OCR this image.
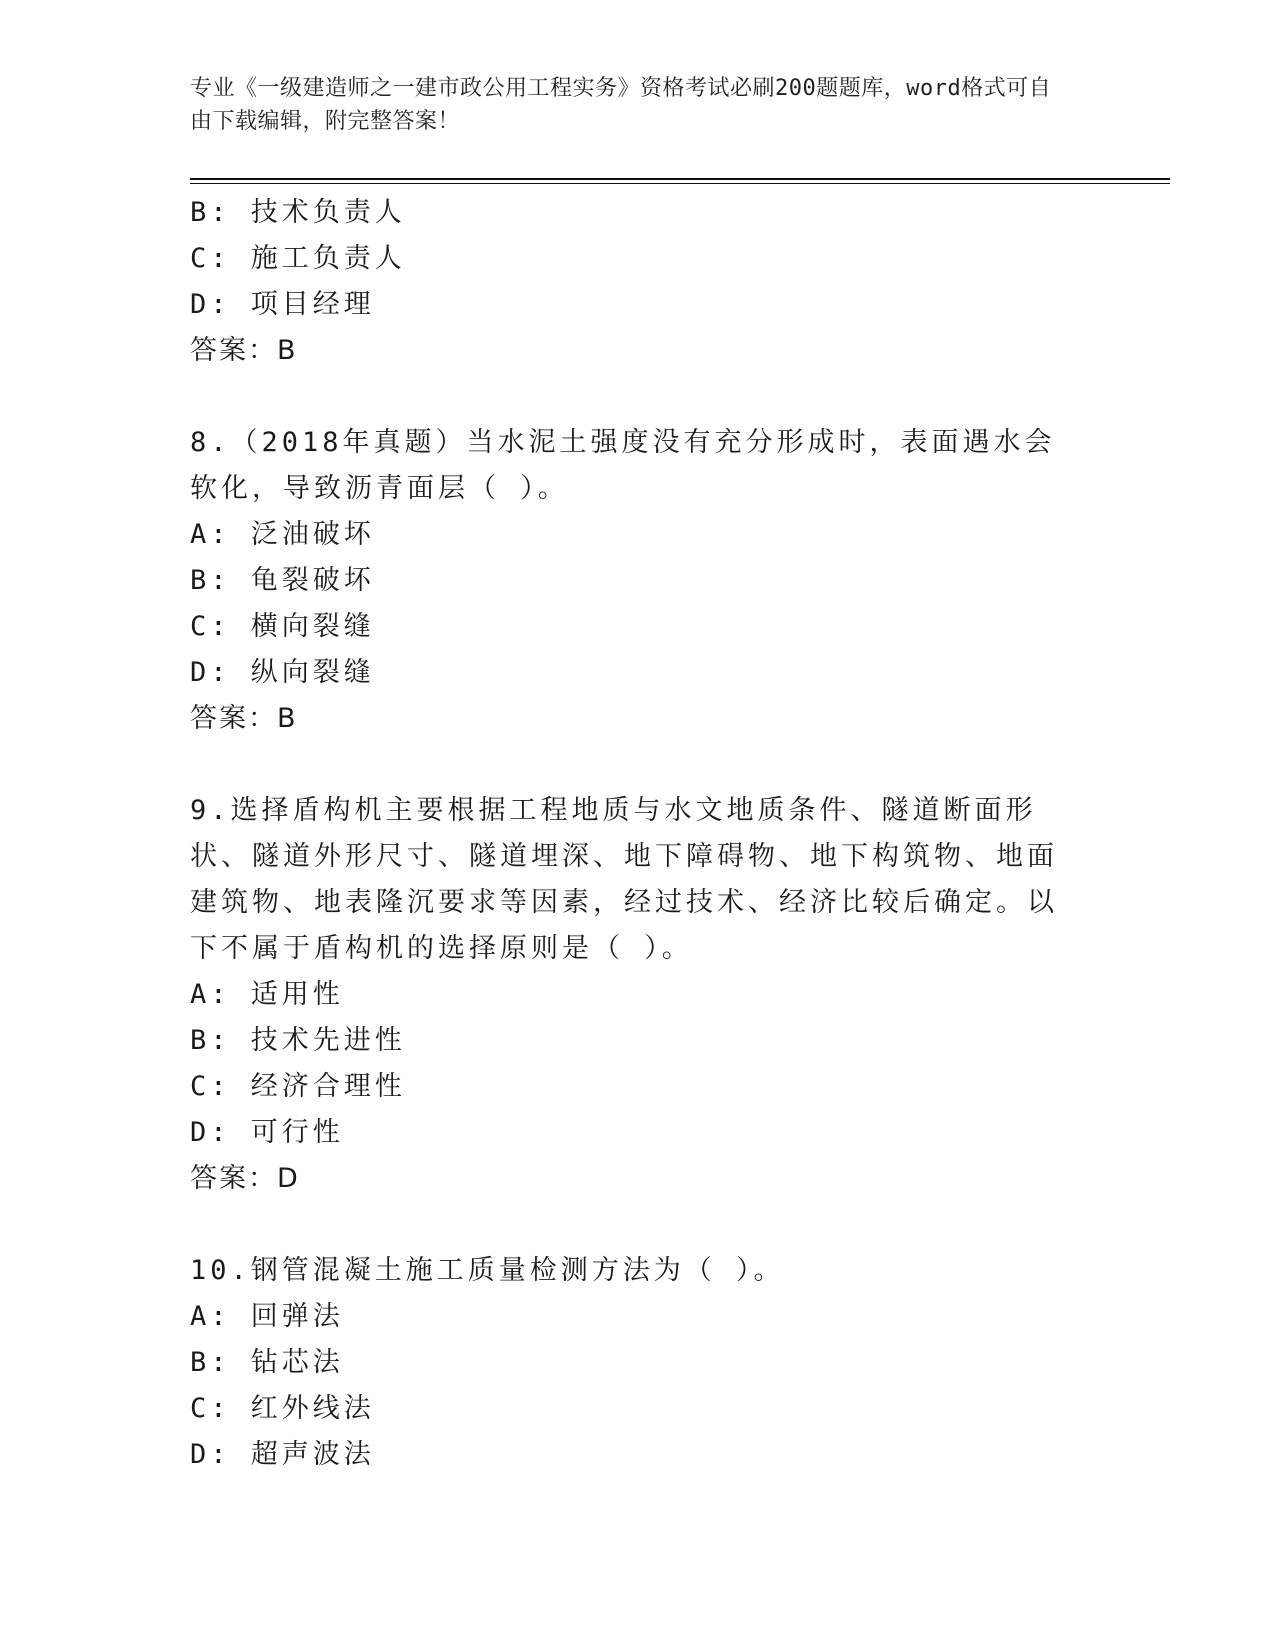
专业《一级建造师之一建市政公用工程实务》资格考试必刷200题题库，word格式可自由下载编辑，附完整答案！
B: 技术负责人
C: 施工负责人
D: 项目经理
答案：B
8.（2018年真题）当水泥土强度没有充分形成时，表面遇水会软化，导致沥青面层（ ）。
A: 泛油破坏
B: 龟裂破坏
C: 横向裂缝
D: 纵向裂缝
答案：B
9.选择盾构机主要根据工程地质与水文地质条件、隧道断面形状、隧道外形尺寸、隧道埋深、地下障碍物、地下构筑物、地面建筑物、地表隆沉要求等因素，经过技术、经济比较后确定。以下不属于盾构机的选择原则是（ ）。
A: 适用性
B: 技术先进性
C: 经济合理性
D: 可行性
答案：D
10.钢管混凝土施工质量检测方法为（ ）。
A: 回弹法
B: 钻芯法
C: 红外线法
D: 超声波法
